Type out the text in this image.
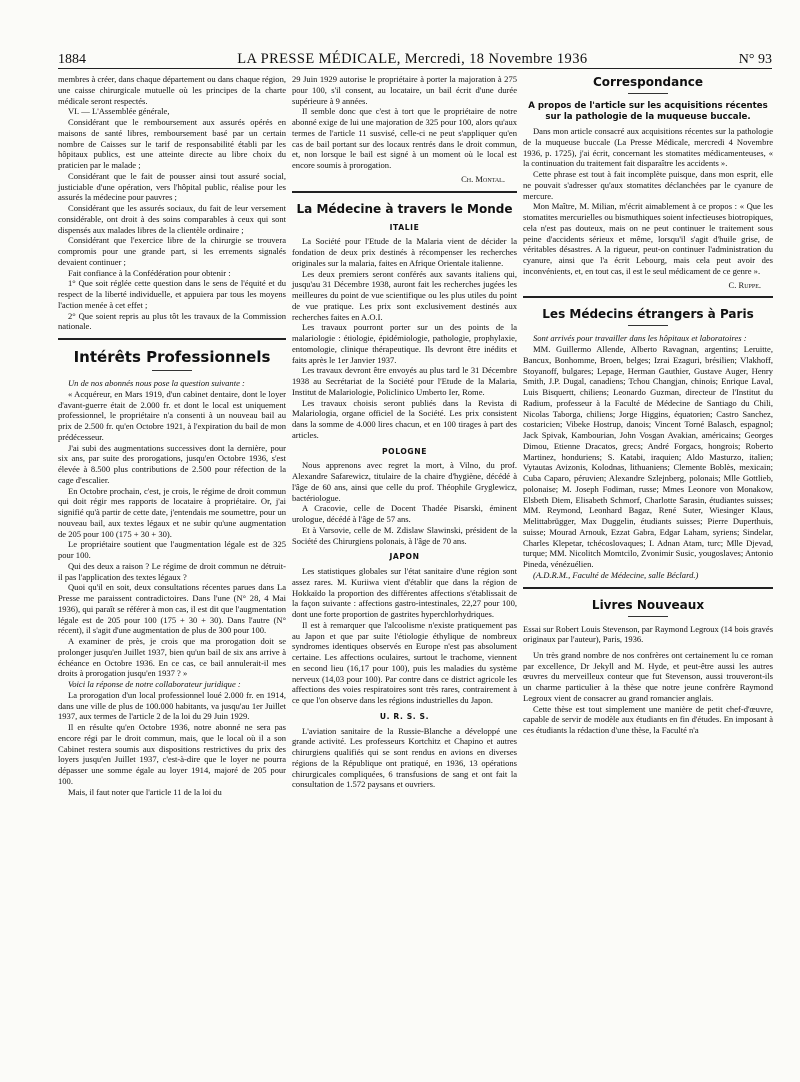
1884	LA PRESSE MÉDICALE, Mercredi, 18 Novembre 1936	N° 93

membres à créer, dans chaque département ou dans chaque région, une caisse chirurgicale mutuelle où les principes de la charte médicale seront respectés.

VI. — L'Assemblée générale,

Considérant que le remboursement aux assurés opérés en maisons de santé libres, remboursement basé par un certain nombre de Caisses sur le tarif de responsabilité établi par les hôpitaux publics, est une atteinte directe au libre choix du praticien par le malade ;

Considérant que le fait de pousser ainsi tout assuré social, justiciable d'une opération, vers l'hôpital public, réalise pour les assurés la médecine pour pauvres ;

Considérant que les assurés sociaux, du fait de leur versement considérable, ont droit à des soins comparables à ceux qui sont dispensés aux malades libres de la clientèle ordinaire ;

Considérant que l'exercice libre de la chirurgie se trouvera compromis pour une grande part, si les errements signalés devaient continuer ;

Fait confiance à la Confédération pour obtenir :

1° Que soit réglée cette question dans le sens de l'équité et du respect de la liberté individuelle, et appuiera par tous les moyens l'action menée à cet effet ;

2° Que soient repris au plus tôt les travaux de la Commission nationale.

Intérêts Professionnels

Un de nos abonnés nous pose la question suivante :

« Acquéreur, en Mars 1919, d'un cabinet dentaire, dont le loyer d'avant-guerre était de 2.000 fr. et dont le local est uniquement professionnel, le propriétaire n'a consenti à un nouveau bail au prix de 2.500 fr. qu'en Octobre 1921, à l'expiration du bail de mon prédécesseur.

J'ai subi des augmentations successives dont la dernière, pour six ans, par suite des prorogations, jusqu'en Octobre 1936, s'est élevée à 8.500 plus contributions de 2.500 pour réfection de la cage d'escalier.

En Octobre prochain, c'est, je crois, le régime de droit commun qui doit régir mes rapports de locataire à propriétaire. Or, j'ai signifié qu'à partir de cette date, j'entendais me soumettre, pour un nouveau bail, aux textes légaux et ne subir qu'une augmentation de 205 pour 100 (175 + 30 + 30).

Le propriétaire soutient que l'augmentation légale est de 325 pour 100.

Qui des deux a raison ? Le régime de droit commun ne détruit-il pas l'application des textes légaux ?

Quoi qu'il en soit, deux consultations récentes parues dans La Presse me paraissent contradictoires. Dans l'une (N° 28, 4 Mai 1936), qui paraît se référer à mon cas, il est dit que l'augmentation légale est de 205 pour 100 (175 + 30 + 30). Dans l'autre (N° récent), il s'agit d'une augmentation de plus de 300 pour 100.

A examiner de près, je crois que ma prorogation doit se prolonger jusqu'en Juillet 1937, bien qu'un bail de six ans arrive à échéance en Octobre 1936. En ce cas, ce bail annulerait-il mes droits à prorogation jusqu'en 1937 ? »

Voici la réponse de notre collaborateur juridique :

La prorogation d'un local professionnel loué 2.000 fr. en 1914, dans une ville de plus de 100.000 habitants, va jusqu'au 1er Juillet 1937, aux termes de l'article 2 de la loi du 29 Juin 1929.

Il en résulte qu'en Octobre 1936, notre abonné ne sera pas encore régi par le droit commun, mais, que le local où il a son Cabinet restera soumis aux dispositions restrictives du prix des loyers jusqu'en Juillet 1937, c'est-à-dire que le loyer ne pourra dépasser une somme égale au loyer 1914, majoré de 205 pour 100.

Mais, il faut noter que l'article 11 de la loi du

29 Juin 1929 autorise le propriétaire à porter la majoration à 275 pour 100, s'il consent, au locataire, un bail écrit d'une durée supérieure à 9 années.

Il semble donc que c'est à tort que le propriétaire de notre abonné exige de lui une majoration de 325 pour 100, alors qu'aux termes de l'article 11 susvisé, celle-ci ne peut s'appliquer qu'en cas de bail portant sur des locaux rentrés dans le droit commun, et, non lorsque le bail est signé à un moment où le local est encore soumis à prorogation.

Ch. Montal.

La Médecine à travers le Monde
ITALIE

La Société pour l'Etude de la Malaria vient de décider la fondation de deux prix destinés à récompenser les recherches originales sur la malaria, faites en Afrique Orientale italienne.

Les deux premiers seront conférés aux savants italiens qui, jusqu'au 31 Décembre 1938, auront fait les recherches jugées les meilleures du point de vue scientifique ou les plus utiles du point de vue pratique. Les prix sont exclusivement destinés aux recherches faites en A.O.I.

Les travaux pourront porter sur un des points de la malariologie : étiologie, épidémiologie, pathologie, prophylaxie, entomologie, clinique thérapeutique. Ils devront être inédits et faits après le 1er Janvier 1937.

Les travaux devront être envoyés au plus tard le 31 Décembre 1938 au Secrétariat de la Société pour l'Etude de la Malaria, Institut de Malariologie, Policlinico Umberto Ier, Rome.

Les travaux choisis seront publiés dans la Revista di Malariologia, organe officiel de la Société. Les prix consistent dans la somme de 4.000 lires chacun, et en 100 tirages à part des articles.

POLOGNE

Nous apprenons avec regret la mort, à Vilno, du prof. Alexandre Safarewicz, titulaire de la chaire d'hygiène, décédé à l'âge de 60 ans, ainsi que celle du prof. Théophile Gryglewicz, bactériologue.

A Cracovie, celle de Docent Thadée Pisarski, éminent urologue, décédé à l'âge de 57 ans.

Et à Varsovie, celle de M. Zdislaw Slawinski, président de la Société des Chirurgiens polonais, à l'âge de 70 ans.

JAPON

Les statistiques globales sur l'état sanitaire d'une région sont assez rares. M. Kuriiwa vient d'établir que dans la région de Hokkaïdo la proportion des différentes affections s'établissait de la façon suivante : affections gastro-intestinales, 22,27 pour 100, dont une forte proportion de gastrites hyperchlorhydriques.

Il est à remarquer que l'alcoolisme n'existe pratiquement pas au Japon et que par suite l'étiologie éthylique de nombreux syndromes identiques observés en Europe n'est pas absolument certaine. Les affections oculaires, surtout le trachome, viennent en second lieu (16,17 pour 100), puis les maladies du système nerveux (14,03 pour 100). Par contre dans ce district agricole les affections des voies respiratoires sont très rares, contrairement à ce que l'on observe dans les régions industrielles du Japon.

U. R. S. S.

L'aviation sanitaire de la Russie-Blanche a développé une grande activité. Les professeurs Kortchitz et Chapino et autres chirurgiens qualifiés qui se sont rendus en avions en diverses régions de la République ont pratiqué, en 1936, 13 opérations chirurgicales compliquées, 6 transfusions de sang et ont fait la consultation de 1.572 paysans et ouvriers.

Correspondance
A propos de l'article sur les acquisitions récentes sur la pathologie de la muqueuse buccale.

Dans mon article consacré aux acquisitions récentes sur la pathologie de la muqueuse buccale (La Presse Médicale, mercredi 4 Novembre 1936, p. 1725), j'ai écrit, concernant les stomatites médicamenteuses, « la continuation du traitement fait disparaître les accidents ».

Cette phrase est tout à fait incomplète puisque, dans mon esprit, elle ne pouvait s'adresser qu'aux stomatites déclanchées par le cyanure de mercure.

Mon Maître, M. Milian, m'écrit aimablement à ce propos : « Que les stomatites mercurielles ou bismuthiques soient infectieuses biotropiques, cela n'est pas douteux, mais on ne peut continuer le traitement sous peine d'accidents sérieux et même, lorsqu'il s'agit d'huile grise, de véritables désastres. A la rigueur, peut-on continuer l'administration du cyanure, ainsi que l'a écrit Lebourg, mais cela peut avoir des inconvénients, et, en tout cas, il est le seul médicament de ce genre ».

C. Ruppe.

Les Médecins étrangers à Paris

Sont arrivés pour travailler dans les hôpitaux et laboratoires :

MM. Guillermo Allende, Alberto Ravagnan, argentins; Leruitte, Bancux, Bonhomme, Broen, belges; Izrai Ezaguri, brésilien; Vlakhoff, Stoyanoff, bulgares; Lepage, Herman Gauthier, Gustave Auger, Henry Smith, J.P. Dugal, canadiens; Tchou Changjan, chinois; Enrique Laval, Luis Bisquertt, chiliens; Leonardo Guzman, directeur de l'Institut du Radium, professeur à la Faculté de Médecine de Santiago du Chili, Nicolas Taborga, chiliens; Jorge Higgins, équatorien; Castro Sanchez, costaricien; Vibeke Hostrup, danois; Vincent Torné Balasch, espagnol; Jack Spivak, Kambourian, John Vosgan Avakian, américains; Georges Dimou, Etienne Dracatos, grecs; André Forgacs, hongrois; Roberto Martinez, honduriens; S. Katabi, iraquien; Aldo Masturzo, italien; Vytautas Avizonis, Kolodnas, lithuaniens; Clemente Boblès, mexicain; Cuba Caparo, péruvien; Alexandre Szlejnberg, polonais; Mlle Gottlieb, polonaise; M. Joseph Fodiman, russe; Mmes Leonore von Monakow, Elsbeth Diem, Elisabeth Schmorf, Charlotte Sarasin, étudiantes suisses; MM. Reymond, Leonhard Bagaz, René Suter, Wiesinger Klaus, Melittabrügger, Max Duggelin, étudiants suisses; Pierre Duperthuis, suisse; Mourad Arnouk, Ezzat Gabra, Edgar Laham, syriens; Sindelar, Charles Klepetar, tchécoslovaques; I. Adnan Atam, turc; Mlle Djevad, turque; MM. Nicolitch Momtcilo, Zvonimir Susic, yougoslaves; Antonio Pineda, vénézuélien.

(A.D.R.M., Faculté de Médecine, salle Béclard.)

Livres Nouveaux

Essai sur Robert Louis Stevenson, par Raymond Legroux (14 bois gravés originaux par l'auteur), Paris, 1936.

Un très grand nombre de nos confrères ont certainement lu ce roman par excellence, Dr Jekyll and M. Hyde, et peut-être aussi les autres œuvres du merveilleux conteur que fut Stevenson, aussi trouveront-ils un charme particulier à la thèse que notre jeune confrère Raymond Legroux vient de consacrer au grand romancier anglais.

Cette thèse est tout simplement une manière de petit chef-d'œuvre, capable de servir de modèle aux étudiants en fin d'études. En imposant à ces étudiants la rédaction d'une thèse, la Faculté n'a
